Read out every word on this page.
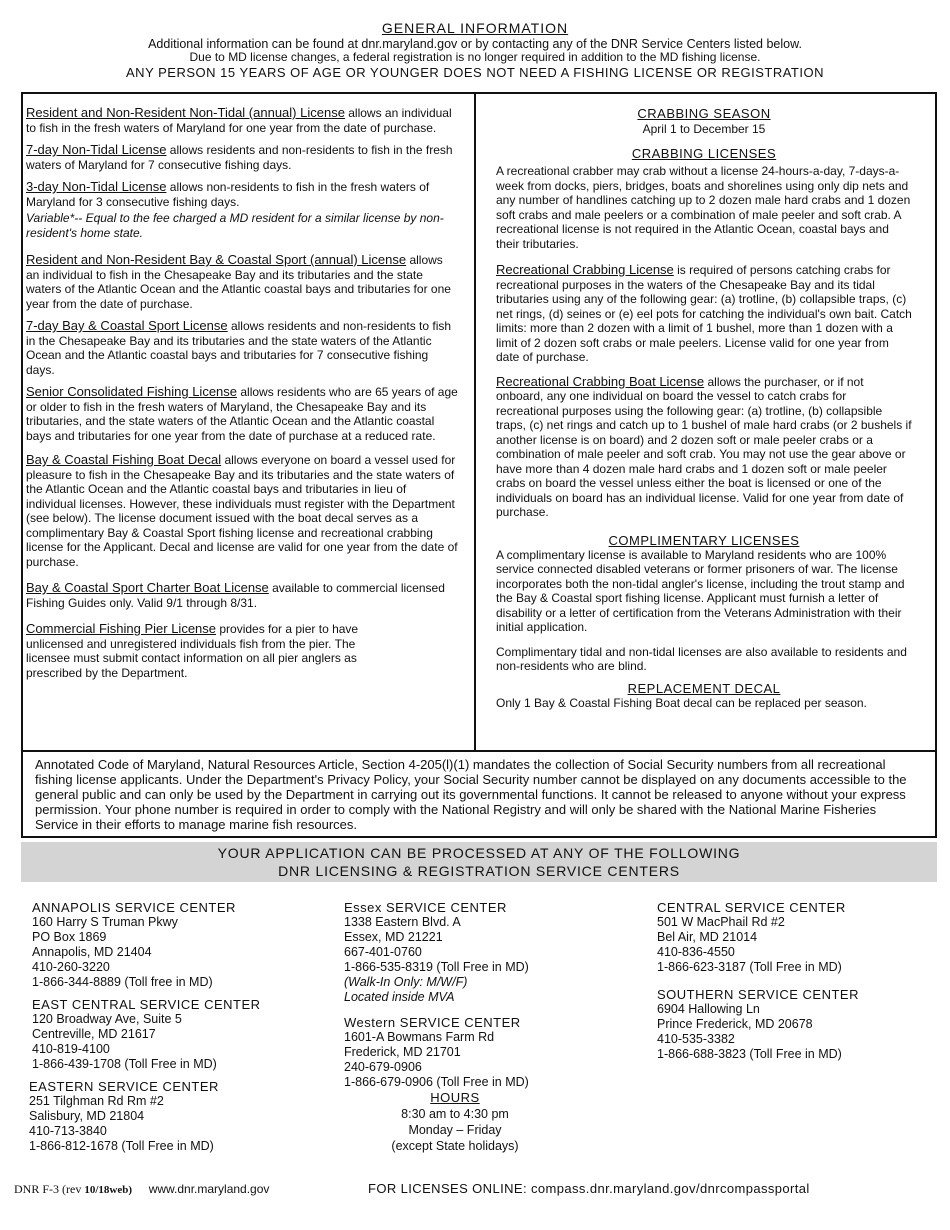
GENERAL INFORMATION
Additional information can be found at dnr.maryland.gov or by contacting any of the DNR Service Centers listed below.
Due to MD license changes, a federal registration is no longer required in addition to the MD fishing license.
ANY PERSON 15 YEARS OF AGE OR YOUNGER DOES NOT NEED A FISHING LICENSE OR REGISTRATION
Resident and Non-Resident Non-Tidal (annual) License allows an individual to fish in the fresh waters of Maryland for one year from the date of purchase.
7-day Non-Tidal License allows residents and non-residents to fish in the fresh waters of Maryland for 7 consecutive fishing days.
3-day Non-Tidal License allows non-residents to fish in the fresh waters of Maryland for 3 consecutive fishing days.
Variable*-- Equal to the fee charged a MD resident for a similar license by non-resident's home state.
Resident and Non-Resident Bay & Coastal Sport (annual) License allows an individual to fish in the Chesapeake Bay and its tributaries and the state waters of the Atlantic Ocean and the Atlantic coastal bays and tributaries for one year from the date of purchase.
7-day Bay & Coastal Sport License allows residents and non-residents to fish in the Chesapeake Bay and its tributaries and the state waters of the Atlantic Ocean and the Atlantic coastal bays and tributaries for 7 consecutive fishing days.
Senior Consolidated Fishing License allows residents who are 65 years of age or older to fish in the fresh waters of Maryland, the Chesapeake Bay and its tributaries, and the state waters of the Atlantic Ocean and the Atlantic coastal bays and tributaries for one year from the date of purchase at a reduced rate.
Bay & Coastal Fishing Boat Decal allows everyone on board a vessel used for pleasure to fish in the Chesapeake Bay and its tributaries and the state waters of the Atlantic Ocean and the Atlantic coastal bays and tributaries in lieu of individual licenses. However, these individuals must register with the Department (see below). The license document issued with the boat decal serves as a complimentary Bay & Coastal Sport fishing license and recreational crabbing license for the Applicant. Decal and license are valid for one year from the date of purchase.
Bay & Coastal Sport Charter Boat License available to commercial licensed Fishing Guides only. Valid 9/1 through 8/31.
Commercial Fishing Pier License provides for a pier to have unlicensed and unregistered individuals fish from the pier. The licensee must submit contact information on all pier anglers as prescribed by the Department.
CRABBING SEASON
April 1 to December 15
CRABBING LICENSES
A recreational crabber may crab without a license 24-hours-a-day, 7-days-a-week from docks, piers, bridges, boats and shorelines using only dip nets and any number of handlines catching up to 2 dozen male hard crabs and 1 dozen soft crabs and male peelers or a combination of male peeler and soft crab. A recreational license is not required in the Atlantic Ocean, coastal bays and their tributaries.
Recreational Crabbing License is required of persons catching crabs for recreational purposes in the waters of the Chesapeake Bay and its tidal tributaries using any of the following gear: (a) trotline, (b) collapsible traps, (c) net rings, (d) seines or (e) eel pots for catching the individual's own bait. Catch limits: more than 2 dozen with a limit of 1 bushel, more than 1 dozen with a limit of 2 dozen soft crabs or male peelers. License valid for one year from date of purchase.
Recreational Crabbing Boat License allows the purchaser, or if not onboard, any one individual on board the vessel to catch crabs for recreational purposes using the following gear: (a) trotline, (b) collapsible traps, (c) net rings and catch up to 1 bushel of male hard crabs (or 2 bushels if another license is on board) and 2 dozen soft or male peeler crabs or a combination of male peeler and soft crab. You may not use the gear above or have more than 4 dozen male hard crabs and 1 dozen soft or male peeler crabs on board the vessel unless either the boat is licensed or one of the individuals on board has an individual license. Valid for one year from date of purchase.
COMPLIMENTARY LICENSES
A complimentary license is available to Maryland residents who are 100% service connected disabled veterans or former prisoners of war. The license incorporates both the non-tidal angler's license, including the trout stamp and the Bay & Coastal sport fishing license. Applicant must furnish a letter of disability or a letter of certification from the Veterans Administration with their initial application.
Complimentary tidal and non-tidal licenses are also available to residents and non-residents who are blind.
REPLACEMENT DECAL
Only 1 Bay & Coastal Fishing Boat decal can be replaced per season.
Annotated Code of Maryland, Natural Resources Article, Section 4-205(l)(1) mandates the collection of Social Security numbers from all recreational fishing license applicants. Under the Department's Privacy Policy, your Social Security number cannot be displayed on any documents accessible to the general public and can only be used by the Department in carrying out its governmental functions. It cannot be released to anyone without your express permission. Your phone number is required in order to comply with the National Registry and will only be shared with the National Marine Fisheries Service in their efforts to manage marine fish resources.
YOUR APPLICATION CAN BE PROCESSED AT ANY OF THE FOLLOWING
DNR LICENSING & REGISTRATION SERVICE CENTERS
ANNAPOLIS SERVICE CENTER
160 Harry S Truman Pkwy
PO Box 1869
Annapolis, MD 21404
410-260-3220
1-866-344-8889 (Toll free in MD)
EAST CENTRAL SERVICE CENTER
120 Broadway Ave, Suite 5
Centreville, MD 21617
410-819-4100
1-866-439-1708 (Toll Free in MD)
EASTERN SERVICE CENTER
251 Tilghman Rd Rm #2
Salisbury, MD 21804
410-713-3840
1-866-812-1678 (Toll Free in MD)
Essex SERVICE CENTER
1338 Eastern Blvd. A
Essex, MD 21221
667-401-0760
1-866-535-8319 (Toll Free in MD)
(Walk-In Only: M/W/F)
Located inside MVA
Western SERVICE CENTER
1601-A Bowmans Farm Rd
Frederick, MD 21701
240-679-0906
1-866-679-0906 (Toll Free in MD)
HOURS
8:30 am to 4:30 pm
Monday – Friday
(except State holidays)
CENTRAL SERVICE CENTER
501 W MacPhail Rd #2
Bel Air, MD 21014
410-836-4550
1-866-623-3187 (Toll Free in MD)
SOUTHERN SERVICE CENTER
6904 Hallowing Ln
Prince Frederick, MD 20678
410-535-3382
1-866-688-3823 (Toll Free in MD)
DNR F-3 (rev 10/18web) www.dnr.maryland.gov	FOR LICENSES ONLINE: compass.dnr.maryland.gov/dnrcompassportal
